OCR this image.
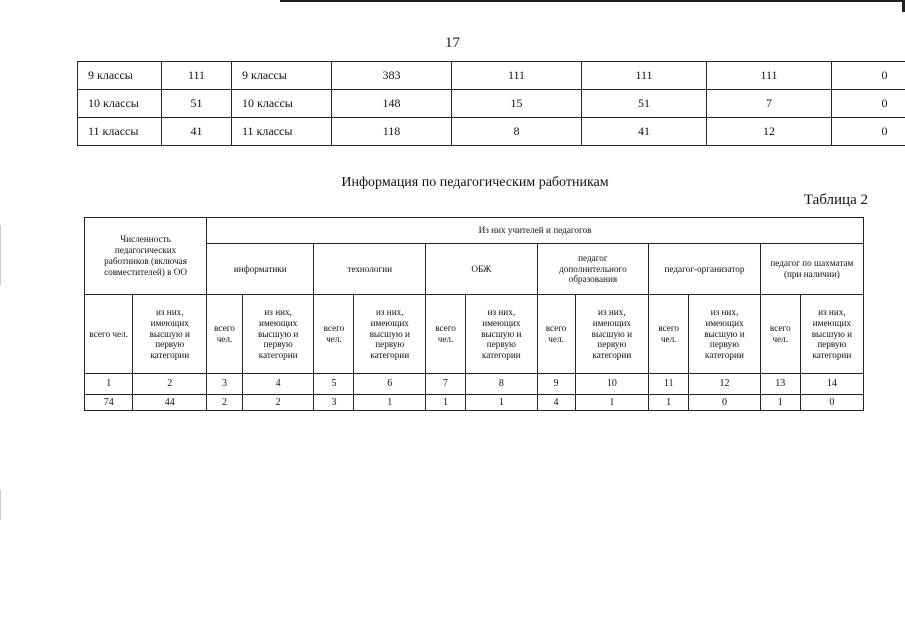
17
9 классы	111	9 классы	383	111	111	111	0
10 классы	51	10 классы	148	15	51	7	0
11 классы	41	11 классы	118	8	41	12	0
Информация по педагогическим работникам
Таблица 2
Численность педагогических работников (включая совместителей) в ОО		Из них учителей и педагогов											
		информатики		технологии		ОБЖ		педагог дополнительного образования		педагог-организатор		педагог по шахматам (при наличии)	

всего чел.	из них, имеющих высшую и первую категории	всего чел.	из них, имеющих высшую и первую категории	всего чел.	из них, имеющих высшую и первую категории	всего чел.	из них, имеющих высшую и первую категории	всего чел.	из них, имеющих высшую и первую категории	всего чел.	из них, имеющих высшую и первую категории	всего чел.	из них, имеющих высшую и первую категории

1	2	3	4	5	6	7	8	9	10	11	12	13	14
74	44	2	2	3	1	1	1	4	1	1	0	1	0
